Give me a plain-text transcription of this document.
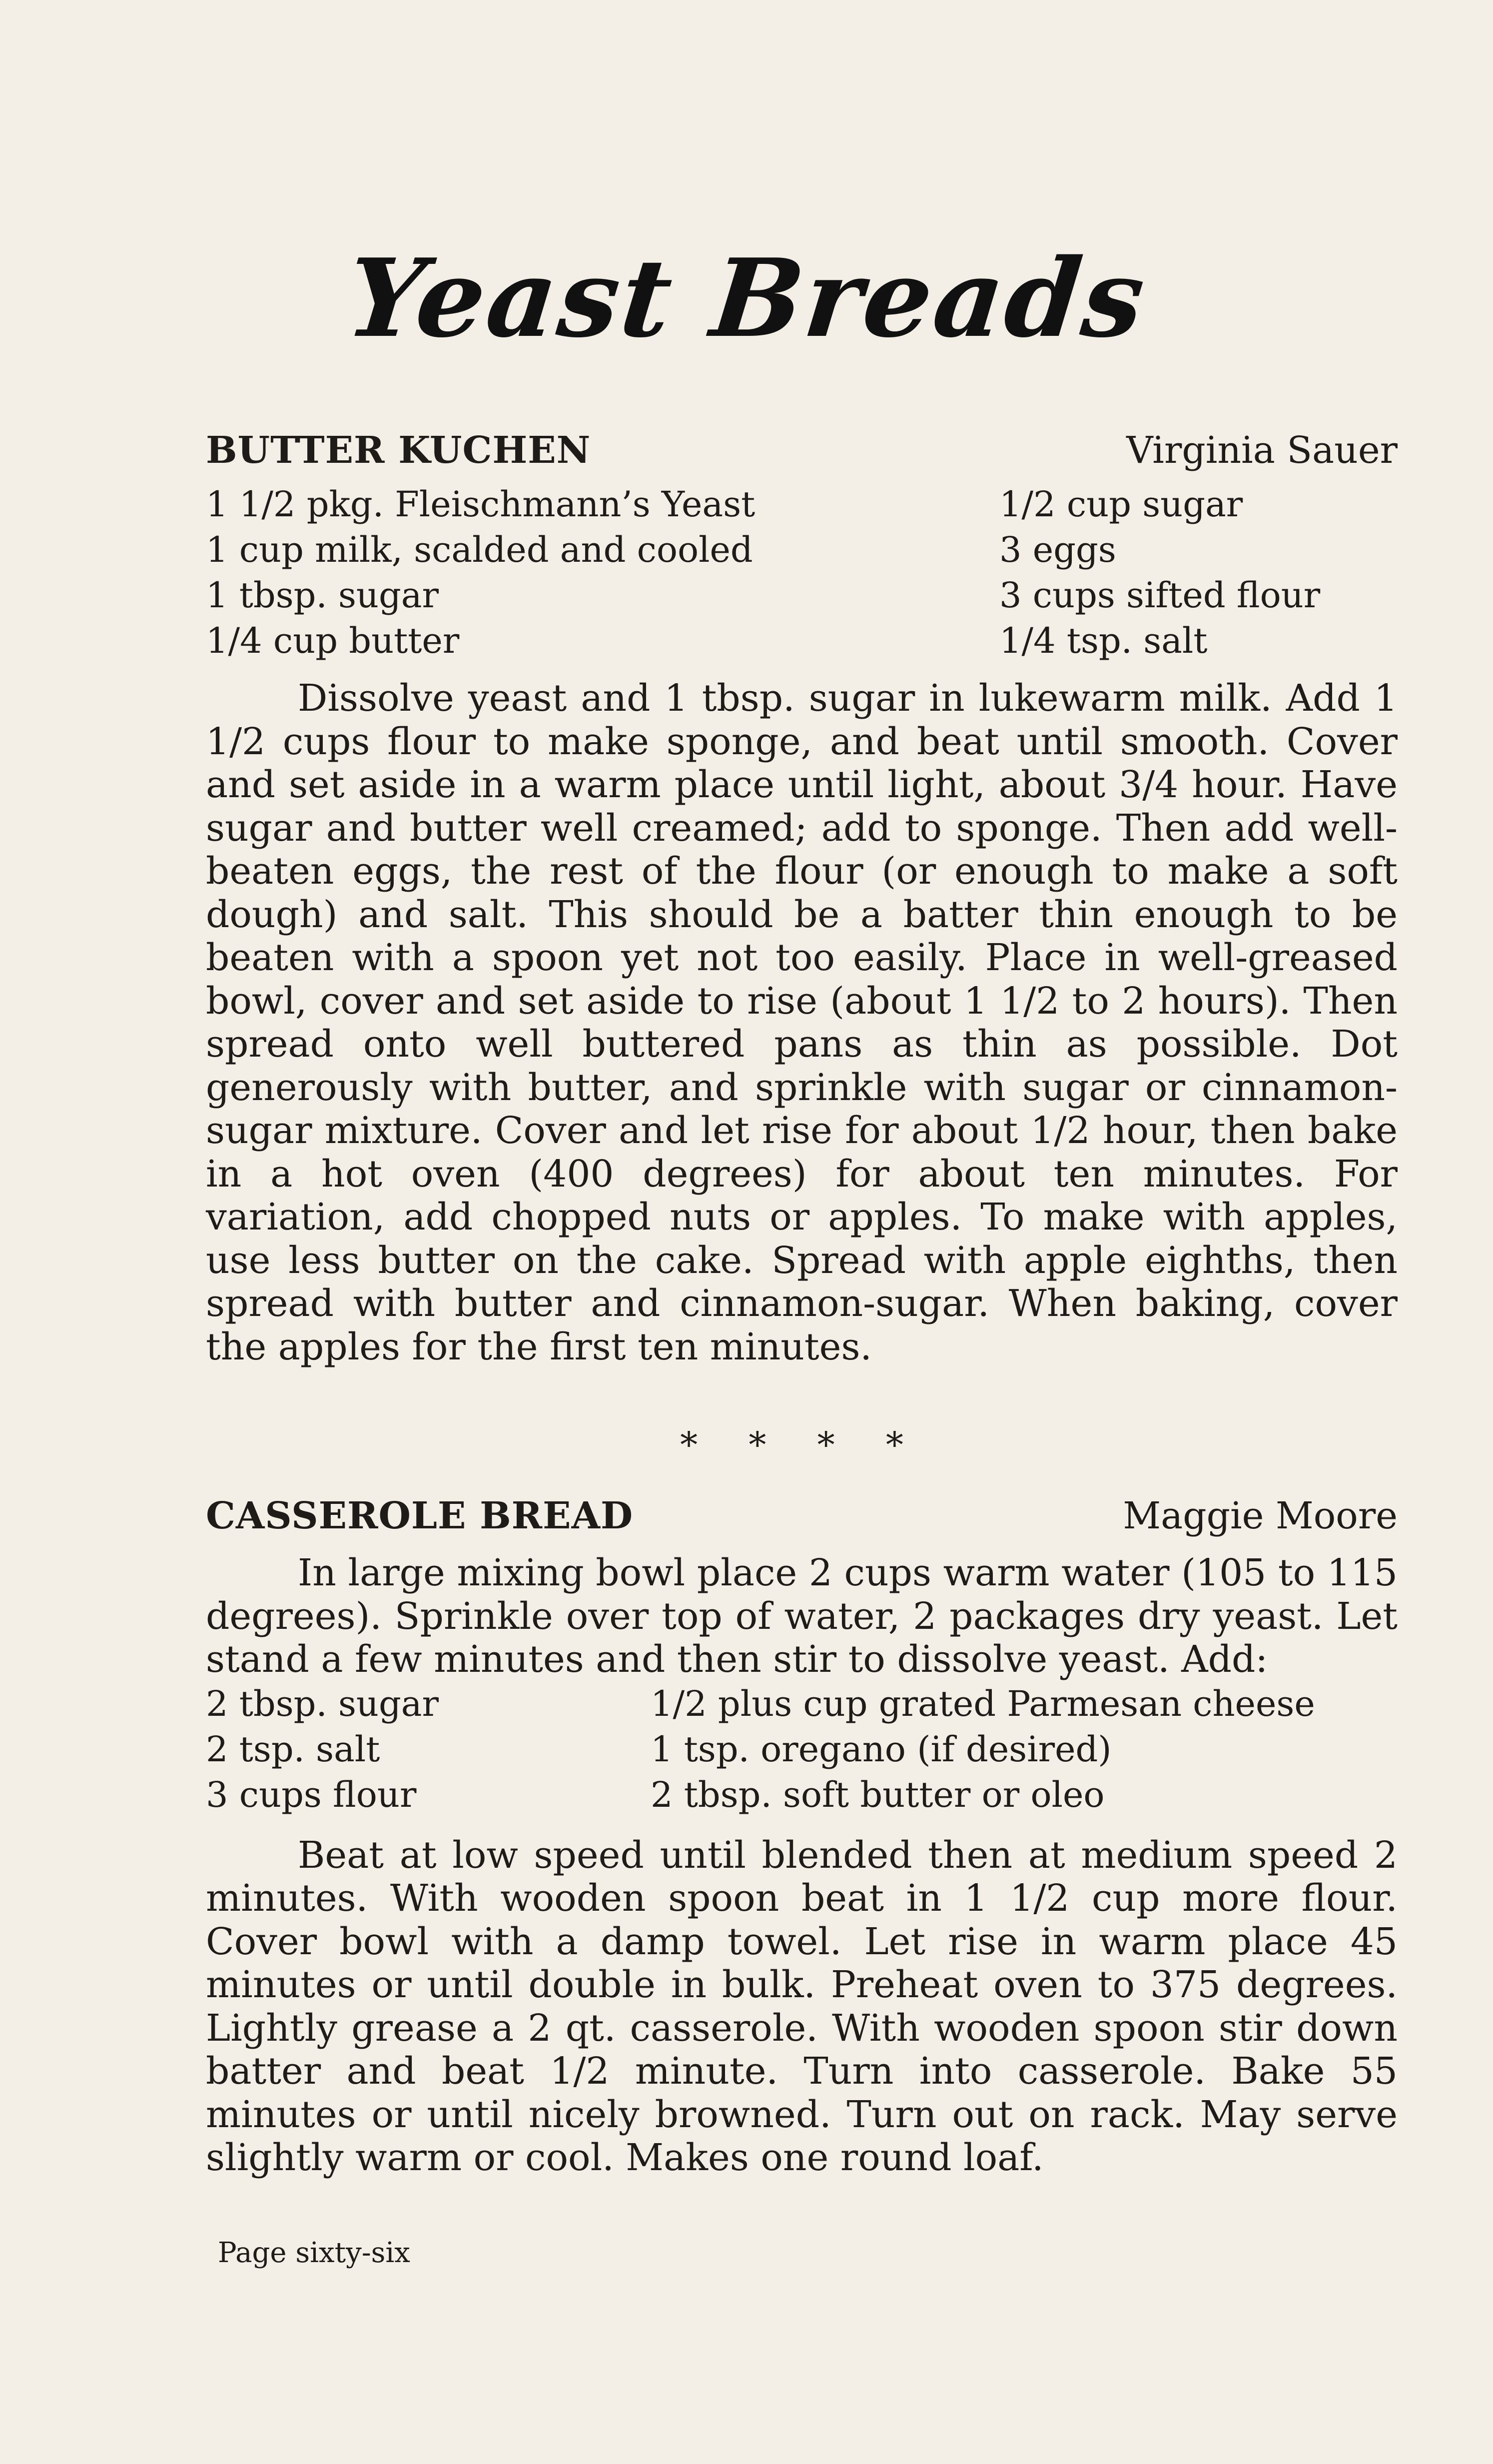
Yeast Breads
BUTTER KUCHEN	Virginia Sauer
1 1/2 pkg. Fleischmann’s Yeast	1/2 cup sugar
1 cup milk, scalded and cooled	3 eggs
1 tbsp. sugar	3 cups sifted flour
1/4 cup butter	1/4 tsp. salt

Dissolve yeast and 1 tbsp. sugar in lukewarm milk. Add 1 1/2 cups flour to make sponge, and beat until smooth. Cover and set aside in a warm place until light, about 3/4 hour. Have sugar and butter well creamed; add to sponge. Then add well-beaten eggs, the rest of the flour (or enough to make a soft dough) and salt. This should be a batter thin enough to be beaten with a spoon yet not too easily. Place in well-greased bowl, cover and set aside to rise (about 1 1/2 to 2 hours). Then spread onto well buttered pans as thin as possible. Dot generously with butter, and sprinkle with sugar or cinnamon-sugar mixture. Cover and let rise for about 1/2 hour, then bake in a hot oven (400 degrees) for about ten minutes. For variation, add chopped nuts or apples. To make with apples, use less butter on the cake. Spread with apple eighths, then spread with butter and cinnamon-sugar. When baking, cover the apples for the first ten minutes.

* * * *
CASSEROLE BREAD	Maggie Moore

In large mixing bowl place 2 cups warm water (105 to 115 degrees). Sprinkle over top of water, 2 packages dry yeast. Let stand a few minutes and then stir to dissolve yeast. Add:

2 tbsp. sugar	1/2 plus cup grated Parmesan cheese
2 tsp. salt	1 tsp. oregano (if desired)
3 cups flour	2 tbsp. soft butter or oleo

Beat at low speed until blended then at medium speed 2 minutes. With wooden spoon beat in 1 1/2 cup more flour. Cover bowl with a damp towel. Let rise in warm place 45 minutes or until double in bulk. Preheat oven to 375 degrees. Lightly grease a 2 qt. casserole. With wooden spoon stir down batter and beat 1/2 minute. Turn into casserole. Bake 55 minutes or until nicely browned. Turn out on rack. May serve slightly warm or cool. Makes one round loaf.

Page sixty-six
